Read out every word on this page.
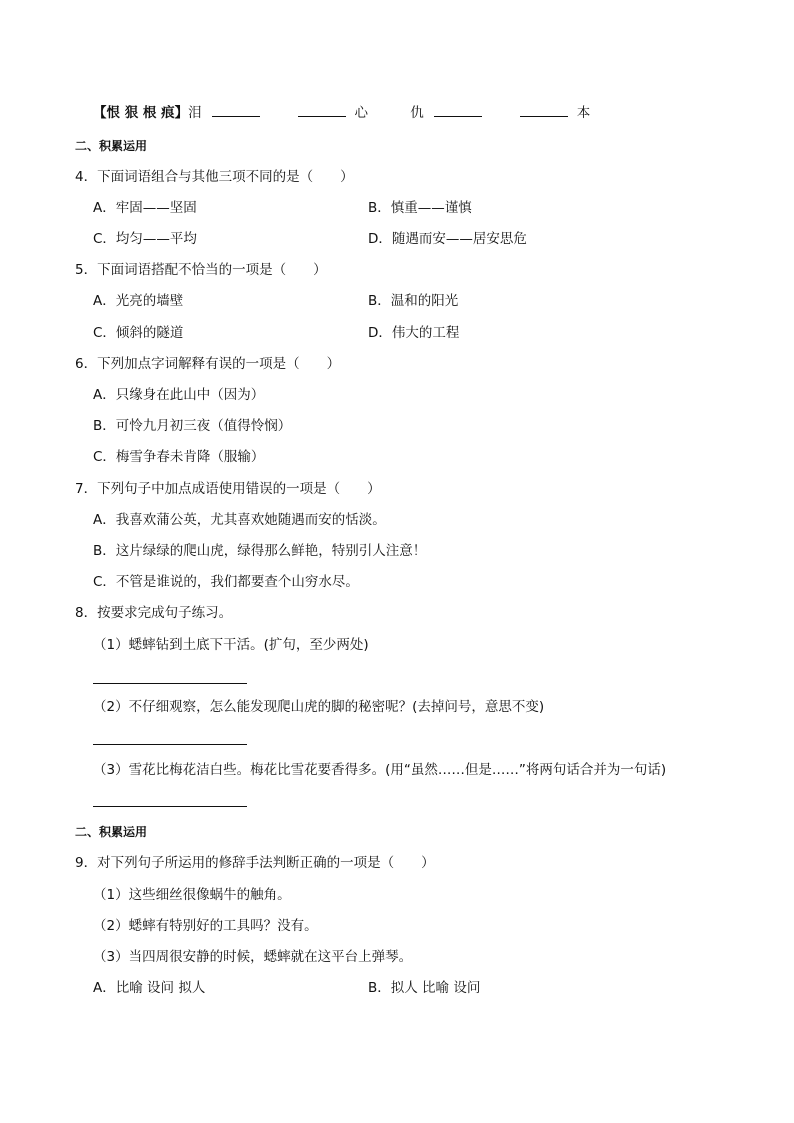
【恨 狠 根 痕】泪	心	仇	本
二、积累运用
4．下面词语组合与其他三项不同的是（　　）
A．牢固——坚固	B．慎重——谨慎
C．均匀——平均	D．随遇而安——居安思危
5．下面词语搭配不恰当的一项是（　　）
A．光亮的墙壁	B．温和的阳光
C．倾斜的隧道	D．伟大的工程
6．下列加点字词解释有误的一项是（　　）
A．只缘身在此山中（因为）
B．可怜九月初三夜（值得怜悯）
C．梅雪争春未肯降（服输）
7．下列句子中加点成语使用错误的一项是（　　）
A．我喜欢蒲公英，尤其喜欢她随遇而安的恬淡。
B．这片绿绿的爬山虎，绿得那么鲜艳，特别引人注意！
C．不管是谁说的，我们都要查个山穷水尽。
8．按要求完成句子练习。
（1）蟋蟀钻到土底下干活。(扩句，至少两处)
（2）不仔细观察，怎么能发现爬山虎的脚的秘密呢？(去掉问号，意思不变)
（3）雪花比梅花洁白些。梅花比雪花要香得多。(用“虽然……但是……”将两句话合并为一句话)
二、积累运用
9．对下列句子所运用的修辞手法判断正确的一项是（　　）
（1）这些细丝很像蜗牛的触角。
（2）蟋蟀有特别好的工具吗？没有。
（3）当四周很安静的时候，蟋蟀就在这平台上弹琴。
A．比喻 设问 拟人	B．拟人 比喻 设问
